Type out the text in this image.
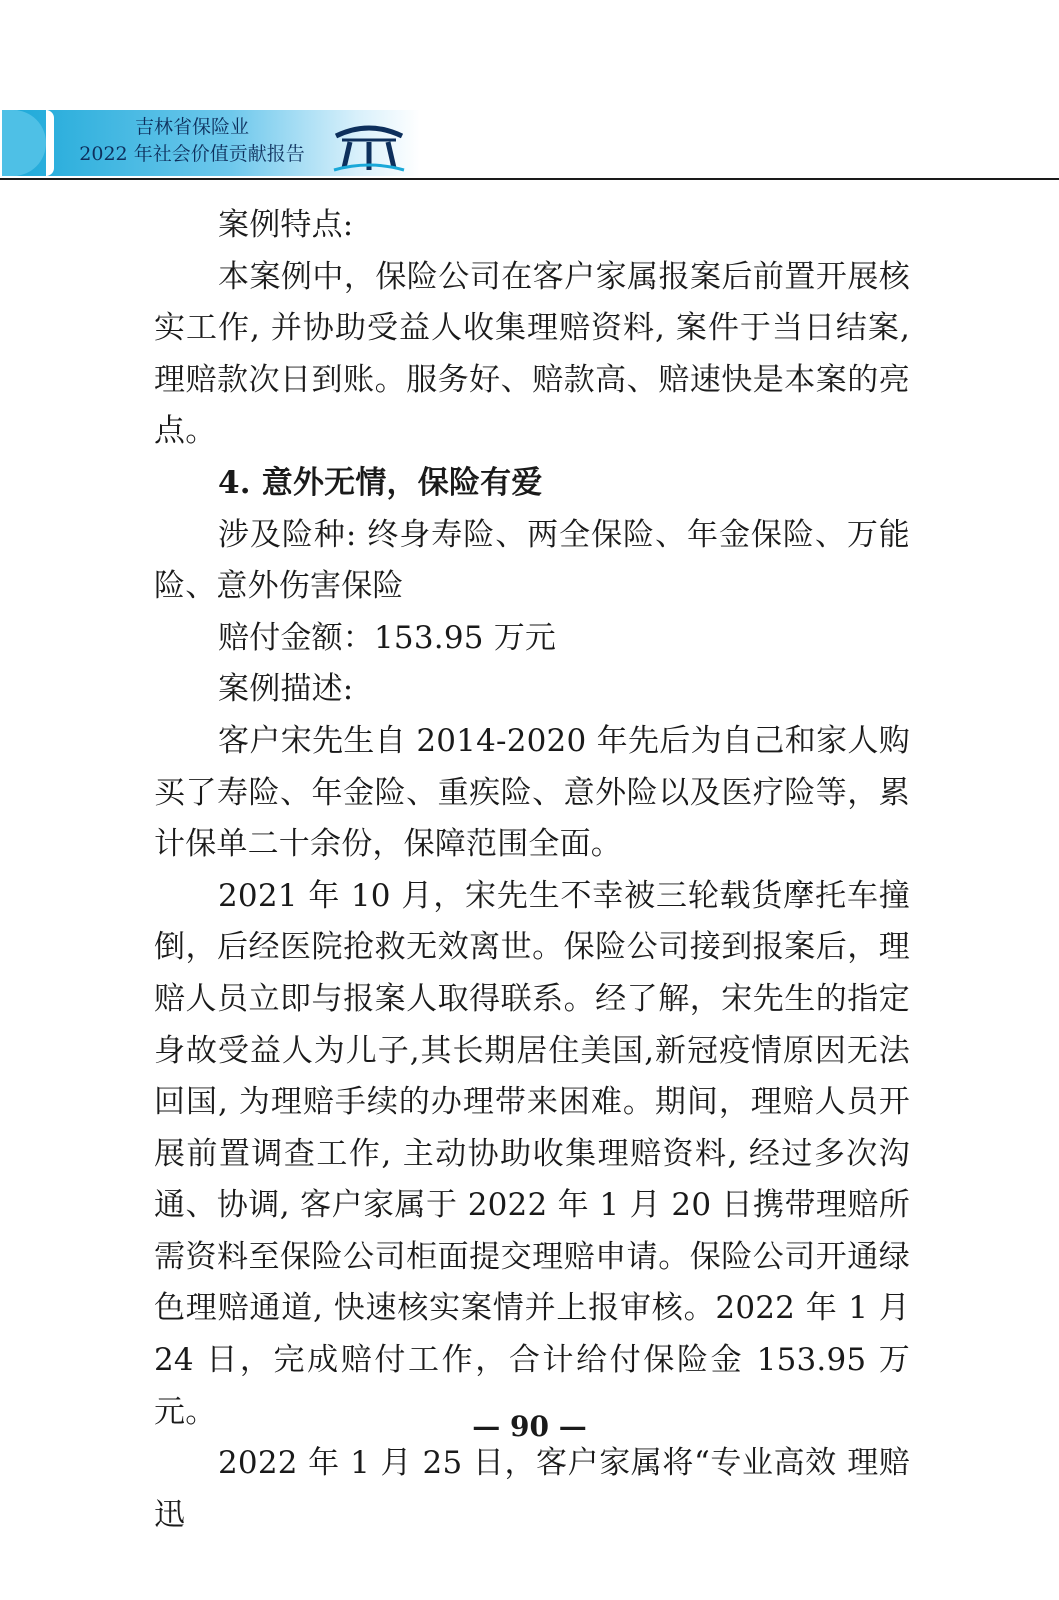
吉林省保险业
2022 年社会价值贡献报告

案例特点:

本案例中，保险公司在客户家属报案后前置开展核实工作, 并协助受益人收集理赔资料, 案件于当日结案, 理赔款次日到账。服务好、赔款高、赔速快是本案的亮点。

4. 意外无情，保险有爱

涉及险种: 终身寿险、两全保险、年金保险、万能险、意外伤害保险

赔付金额：153.95 万元

案例描述:

客户宋先生自 2014-2020 年先后为自己和家人购买了寿险、年金险、重疾险、意外险以及医疗险等，累计保单二十余份，保障范围全面。

2021 年 10 月，宋先生不幸被三轮载货摩托车撞倒，后经医院抢救无效离世。保险公司接到报案后，理赔人员立即与报案人取得联系。经了解，宋先生的指定身故受益人为儿子,其长期居住美国,新冠疫情原因无法回国, 为理赔手续的办理带来困难。期间，理赔人员开展前置调查工作, 主动协助收集理赔资料, 经过多次沟通、协调, 客户家属于 2022 年 1 月 20 日携带理赔所需资料至保险公司柜面提交理赔申请。保险公司开通绿色理赔通道, 快速核实案情并上报审核。2022 年 1 月 24 日，完成赔付工作，合计给付保险金 153.95 万元。

2022 年 1 月 25 日，客户家属将“专业高效 理赔迅

— 90 —
